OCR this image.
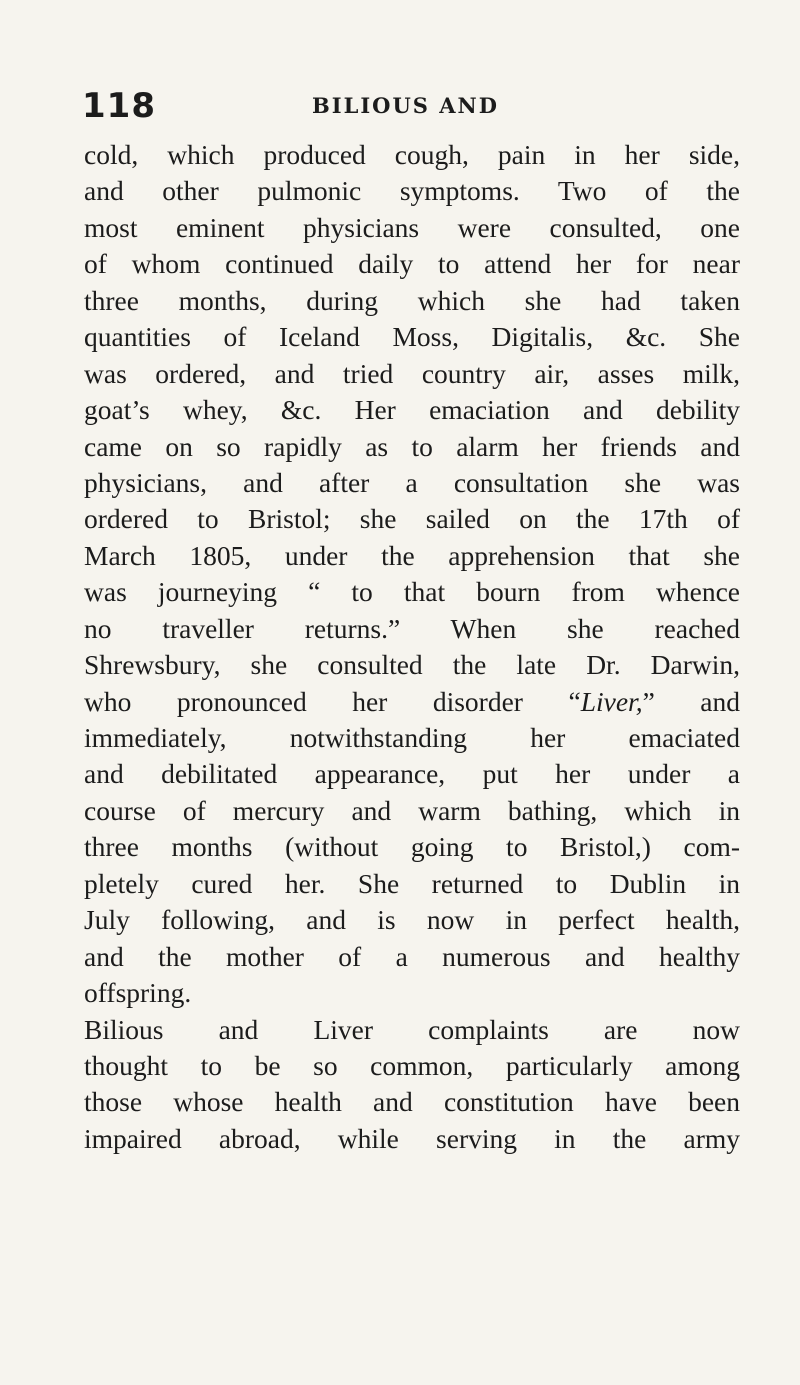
118	BILIOUS AND
cold, which produced cough, pain in her side,
and other pulmonic symptoms. Two of the
most eminent physicians were consulted, one
of whom continued daily to attend her for near
three months, during which she had taken
quantities of Iceland Moss, Digitalis, &c. She
was ordered, and tried country air, asses milk,
goat’s whey, &c. Her emaciation and debility
came on so rapidly as to alarm her friends and
physicians, and after a consultation she was
ordered to Bristol; she sailed on the 17th of
March 1805, under the apprehension that she
was journeying “ to that bourn from whence
no traveller returns.” When she reached
Shrewsbury, she consulted the late Dr. Darwin,
who pronounced her disorder “Liver,” and
immediately, notwithstanding her emaciated
and debilitated appearance, put her under a
course of mercury and warm bathing, which in
three months (without going to Bristol,) com-
pletely cured her. She returned to Dublin in
July following, and is now in perfect health,
and the mother of a numerous and healthy
offspring.
Bilious and Liver complaints are now
thought to be so common, particularly among
those whose health and constitution have been
impaired abroad, while serving in the army
